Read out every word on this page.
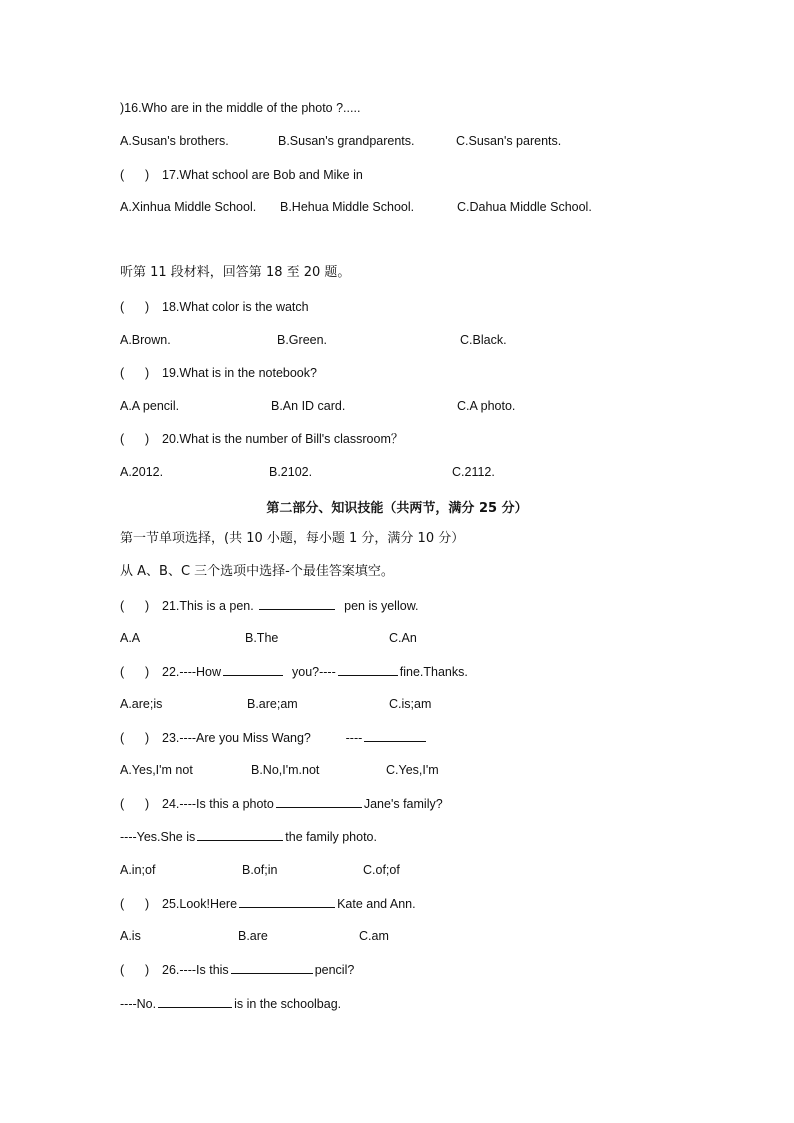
)16.Who are in the middle of the photo ?.....
A.Susan's brothers.	B.Susan's grandparents.	C.Susan's parents.
(      ) 17.What school are Bob and Mike in
A.Xinhua Middle School. B.Hehua Middle School.	C.Dahua Middle School.
听第 11 段材料，回答第 18 至 20 题。
(      ) 18.What color is the watch
A.Brown.	B.Green.	C.Black.
(      ) 19.What is in the notebook?
A.A pencil.	B.An ID card.	C.A photo.
(      ) 20.What is the number of Bill's classroom？
A.2012.	B.2102.	C.2112.
第二部分、知识技能（共两节，满分 25 分）
第一节单项选择，(共 10 小题，每小题 1 分，满分 10 分）
从 A、B、C 三个选项中选择-个最佳答案填空。
(      ) 21.This is a pen.	pen is yellow.
A.A	B.The	C.An
(      ) 22.----How	you?----	fine.Thanks.
A.are;is	B.are;am	C.is;am
(      ) 23.----Are you Miss Wang?	----
A.Yes,I'm not	B.No,I'm.not	C.Yes,I'm
(      ) 24.----Is this a photo	Jane's family?
----Yes.She is	the family photo.
A.in;of	B.of;in	C.of;of
(      ) 25.Look!Here	Kate and Ann.
A.is	B.are	C.am
(      ) 26.----Is this	pencil?
----No.	is in the schoolbag.
